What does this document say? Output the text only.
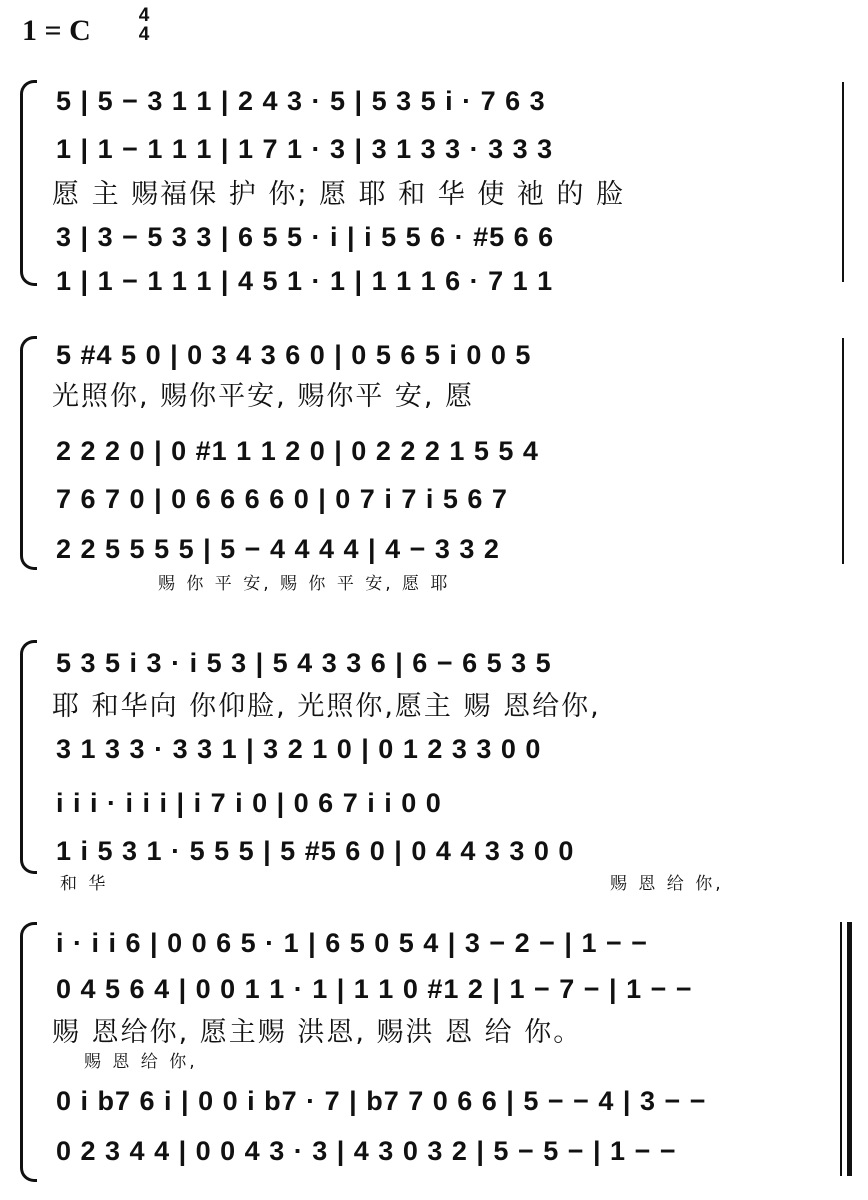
1 = C	4
4
5 | 5 − 3 1 1 | 2 4 3 · 5 | 5 3 5 i · 7 6 3
1 | 1 − 1 1 1 | 1 7 1 · 3 | 3 1 3 3 · 3 3 3
愿 主 赐福保 护 你; 愿 耶 和 华 使 祂 的 脸
3 | 3 − 5 3 3 | 6 5 5 · i | i 5 5 6 · #5 6 6
1 | 1 − 1 1 1 | 4 5 1 · 1 | 1 1 1 6 · 7 1 1
5 #4 5 0 | 0 3 4 3 6 0 | 0 5 6 5 i 0 0 5
光照你, 赐你平安, 赐你平 安, 愿
2 2 2 0 | 0 #1 1 1 2 0 | 0 2 2 2 1 5 5 4
7 6 7 0 | 0 6 6 6 6 0 | 0 7 i 7 i 5 6 7
2 2 5 5 5 5 | 5 − 4 4 4 4 | 4 − 3 3 2
赐 你 平 安, 赐 你 平 安, 愿 耶
5 3 5 i 3 · i 5 3 | 5 4 3 3 6 | 6 − 6 5 3 5
耶 和华向 你仰脸, 光照你,愿主 赐 恩给你,
3 1 3 3 · 3 3 1 | 3 2 1 0 | 0 1 2 3 3 0 0
i i i · i i i | i 7 i 0 | 0 6 7 i i 0 0
1 i 5 3 1 · 5 5 5 | 5 #5 6 0 | 0 4 4 3 3 0 0
和 华	赐 恩 给 你,
i · i i 6 | 0 0 6 5 · 1 | 6 5 0 5 4 | 3 − 2 − | 1 − −
0 4 5 6 4 | 0 0 1 1 · 1 | 1 1 0 #1 2 | 1 − 7 − | 1 − −
赐 恩给你, 愿主赐 洪恩, 赐洪 恩 给 你。
赐 恩 给 你,
0 i b7 6 i | 0 0 i b7 · 7 | b7 7 0 6 6 | 5 − − 4 | 3 − −
0 2 3 4 4 | 0 0 4 3 · 3 | 4 3 0 3 2 | 5 − 5 − | 1 − −
